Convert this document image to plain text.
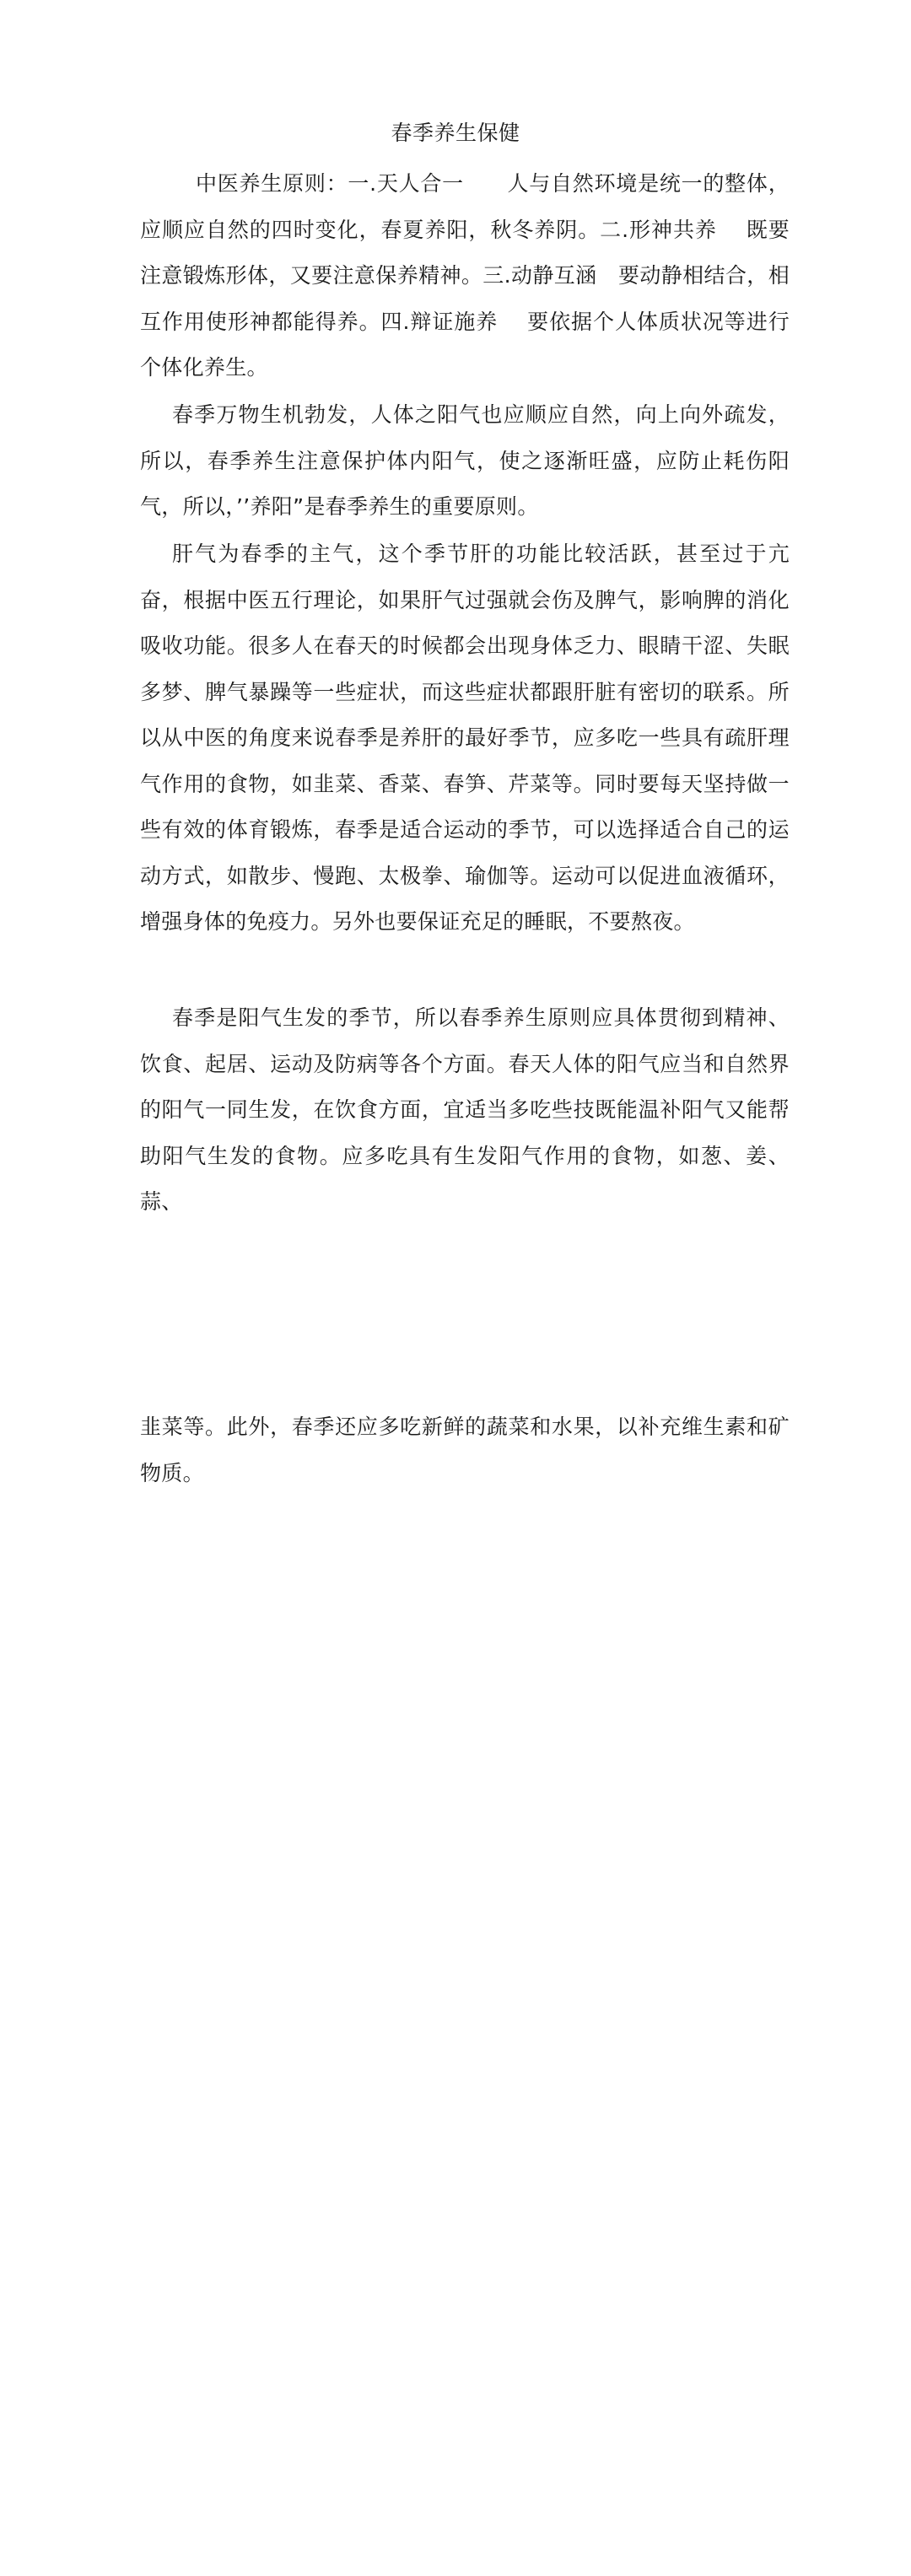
春季养生保健

中医养生原则：一.天人合一　　人与自然环境是统一的整体，应顺应自然的四时变化，春夏养阳，秋冬养阴。二.形神共养　 既要注意锻炼形体，又要注意保养精神。三.动静互涵　要动静相结合，相互作用使形神都能得养。四.辩证施养　 要依据个人体质状况等进行个体化养生。

春季万物生机勃发，人体之阳气也应顺应自然，向上向外疏发，所以，春季养生注意保护体内阳气，使之逐渐旺盛，应防止耗伤阳气，所以，’’养阳”是春季养生的重要原则。

肝气为春季的主气，这个季节肝的功能比较活跃，甚至过于亢奋，根据中医五行理论，如果肝气过强就会伤及脾气，影响脾的消化吸收功能。很多人在春天的时候都会出现身体乏力、眼睛干涩、失眠多梦、脾气暴躁等一些症状，而这些症状都跟肝脏有密切的联系。所以从中医的角度来说春季是养肝的最好季节，应多吃一些具有疏肝理气作用的食物，如韭菜、香菜、春笋、芹菜等。同时要每天坚持做一些有效的体育锻炼，春季是适合运动的季节，可以选择适合自己的运动方式，如散步、慢跑、太极拳、瑜伽等。运动可以促进血液循环，增强身体的免疫力。另外也要保证充足的睡眠，不要熬夜。

春季是阳气生发的季节，所以春季养生原则应具体贯彻到精神、饮食、起居、运动及防病等各个方面。春天人体的阳气应当和自然界的阳气一同生发，在饮食方面，宜适当多吃些技既能温补阳气又能帮助阳气生发的食物。应多吃具有生发阳气作用的食物，如葱、姜、蒜、

韭菜等。此外，春季还应多吃新鲜的蔬菜和水果，以补充维生素和矿物质。
